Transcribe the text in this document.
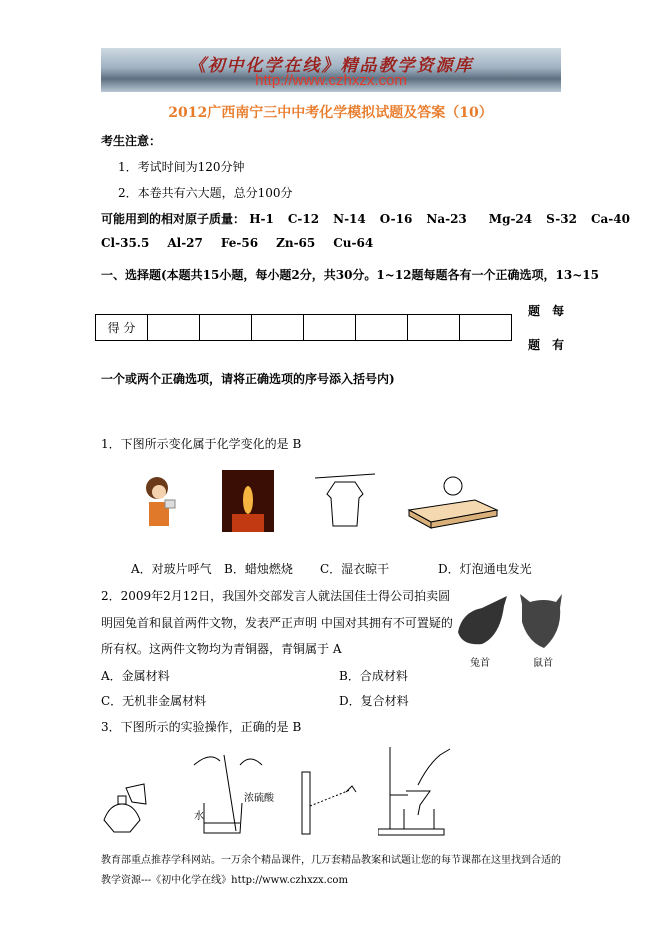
《初中化学在线》精品教学资源库
http://www.czhxzx.com
2012广西南宁三中中考化学模拟试题及答案（10）
考生注意：
1．考试时间为120分钟
2．本卷共有六大题，总分100分
可能用到的相对原子质量： H-1 C-12 N-14 O-16 Na-23 Mg-24 S-32 Ca-40
Cl-35.5 Al-27 Fe-56 Zn-65 Cu-64
一、选择题(本题共15小题，每小题2分，共30分。1~12题每题各有一个正确选项，13~15
得 分							
题 每
题 有
一个或两个正确选项，请将正确选项的序号添入括号内)
1．下图所示变化属于化学变化的是 B
A．对玻片呼气 B．蜡烛燃烧 C．湿衣晾干	D．灯泡通电发光
2．2009年2月12日，我国外交部发言人就法国佳士得公司拍卖圆
明园兔首和鼠首两件文物，发表严正声明 中国对其拥有不可置疑的
所有权。这两件文物均为青铜器，青铜属于 A
兔首	鼠首
A．金属材料	B．合成材料
C．无机非金属材料	D．复合材料
3．下图所示的实验操作，正确的是 B
浓硫酸
水
教育部重点推荐学科网站。一万余个精品课件，几万套精品教案和试题让您的每节课都在这里找到合适的
教学资源---《初中化学在线》http://www.czhxzx.com
